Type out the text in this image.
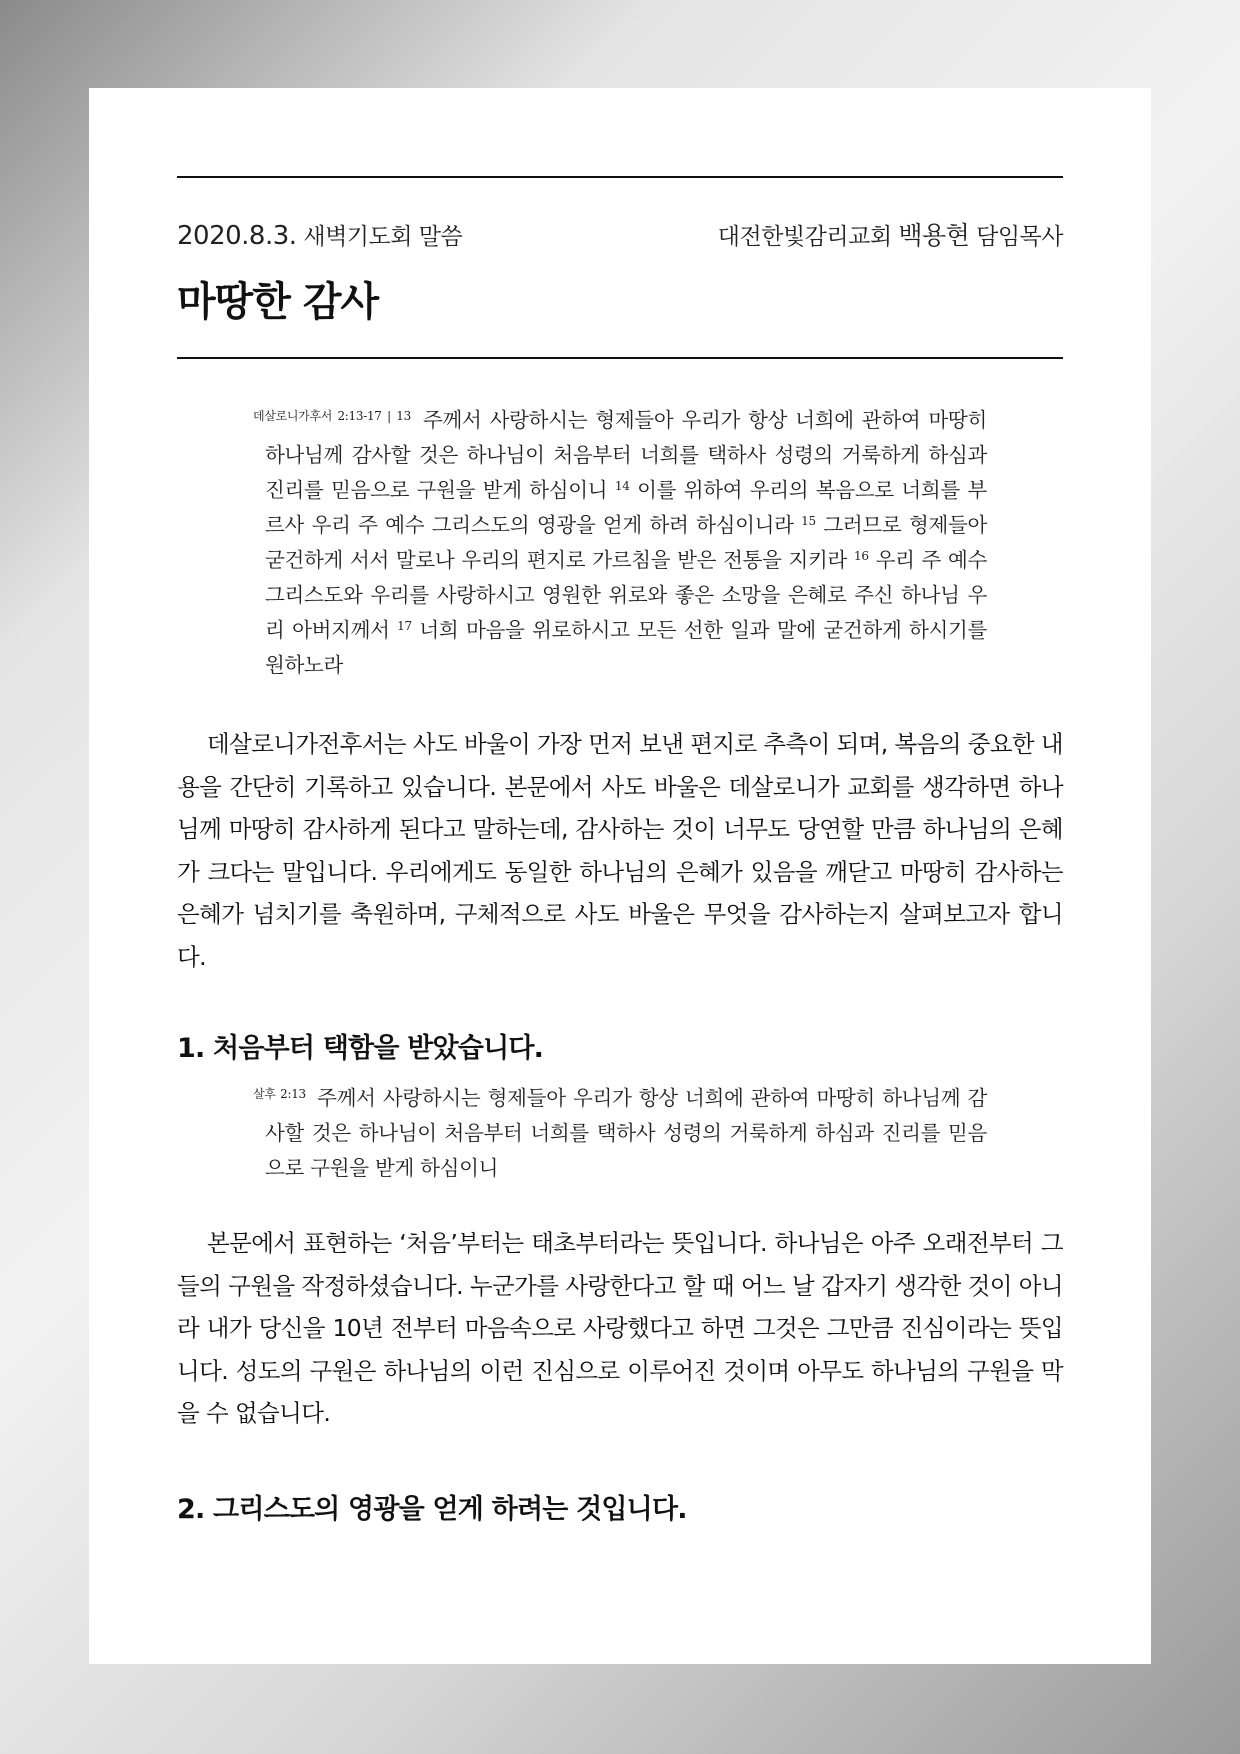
2020.8.3. 새벽기도회 말씀	대전한빛감리교회 백용현 담임목사
마땅한 감사
$^{데살로니가후서 2:13-17 | 13}$ 주께서 사랑하시는 형제들아 우리가 항상 너희에 관하여 마땅히 하나님께 감사할 것은 하나님이 처음부터 너희를 택하사 성령의 거룩하게 하심과 진리를 믿음으로 구원을 받게 하심이니 $^{14}$ 이를 위하여 우리의 복음으로 너희를 부르사 우리 주 예수 그리스도의 영광을 얻게 하려 하심이니라 $^{15}$ 그러므로 형제들아 굳건하게 서서 말로나 우리의 편지로 가르침을 받은 전통을 지키라 $^{16}$ 우리 주 예수 그리스도와 우리를 사랑하시고 영원한 위로와 좋은 소망을 은혜로 주신 하나님 우리 아버지께서 $^{17}$ 너희 마음을 위로하시고 모든 선한 일과 말에 굳건하게 하시기를 원하노라

데살로니가전후서는 사도 바울이 가장 먼저 보낸 편지로 추측이 되며, 복음의 중요한 내용을 간단히 기록하고 있습니다. 본문에서 사도 바울은 데살로니가 교회를 생각하면 하나님께 마땅히 감사하게 된다고 말하는데, 감사하는 것이 너무도 당연할 만큼 하나님의 은혜가 크다는 말입니다. 우리에게도 동일한 하나님의 은혜가 있음을 깨닫고 마땅히 감사하는 은혜가 넘치기를 축원하며, 구체적으로 사도 바울은 무엇을 감사하는지 살펴보고자 합니다.

1. 처음부터 택함을 받았습니다.
$^{살후 2:13}$ 주께서 사랑하시는 형제들아 우리가 항상 너희에 관하여 마땅히 하나님께 감사할 것은 하나님이 처음부터 너희를 택하사 성령의 거룩하게 하심과 진리를 믿음으로 구원을 받게 하심이니

본문에서 표현하는 ‘처음’부터는 태초부터라는 뜻입니다. 하나님은 아주 오래전부터 그들의 구원을 작정하셨습니다. 누군가를 사랑한다고 할 때 어느 날 갑자기 생각한 것이 아니라 내가 당신을 10년 전부터 마음속으로 사랑했다고 하면 그것은 그만큼 진심이라는 뜻입니다. 성도의 구원은 하나님의 이런 진심으로 이루어진 것이며 아무도 하나님의 구원을 막을 수 없습니다.

2. 그리스도의 영광을 얻게 하려는 것입니다.
